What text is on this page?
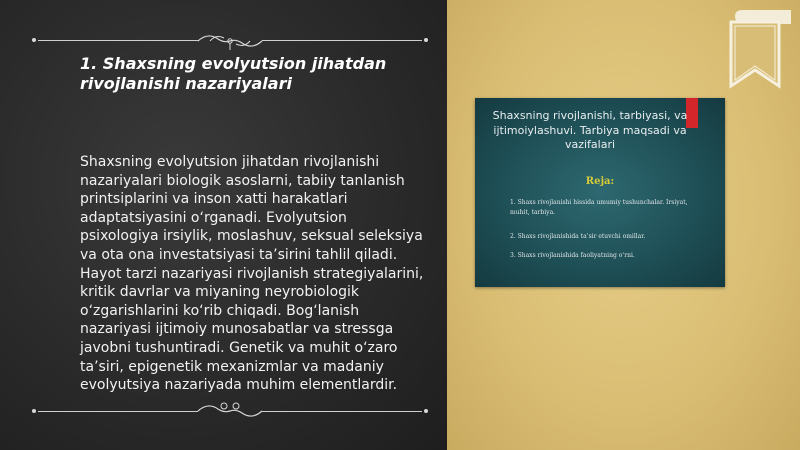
1. Shaxsning evolyutsion jihatdan rivojlanishi nazariyalari

Shaxsning evolyutsion jihatdan rivojlanishi nazariyalari biologik asoslarni, tabiiy tanlanish printsiplarini va inson xatti harakatlari adaptatsiyasini o‘rganadi. Evolyutsion psixologiya irsiylik, moslashuv, seksual seleksiya va ota ona investatsiyasi ta’sirini tahlil qiladi. Hayot tarzi nazariyasi rivojlanish strategiyalarini, kritik davrlar va miyaning neyrobiologik o‘zgarishlarini ko‘rib chiqadi. Bog‘lanish nazariyasi ijtimoiy munosabatlar va stressga javobni tushuntiradi. Genetik va muhit o‘zaro ta’siri, epigenetik mexanizmlar va madaniy evolyutsiya nazariyada muhim elementlardir.

Shaxsning rivojlanishi, tarbiyasi, va ijtimoiylashuvi. Tarbiya maqsadi va vazifalari

Reja:

1. Shaxs rivojlanishi hissida umumiy tushunchalar. Irsiyat, muhit, tarbiya.

2. Shaxs rivojlanishida ta’sir etuvchi omillar.

3. Shaxs rivojlanishida faoliyatning o‘rni.
